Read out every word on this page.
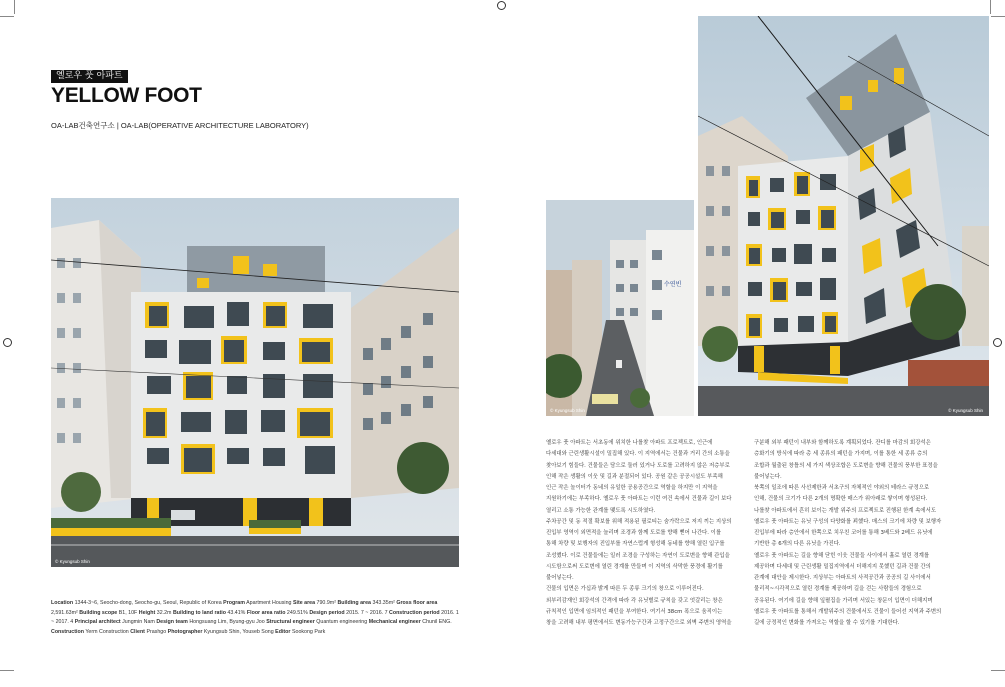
옐로우 풋 아파트
YELLOW FOOT
OA-LAB건축연구소 | OA-LAB(OPERATIVE ARCHITECTURE LABORATORY)
© Kyungsub Shin
수연빈
© Kyungsub Shin	© Kyungsub Shin
Location 1344-3~6, Seocho-dong, Seocho-gu, Seoul, Republic of Korea Program Apartment Housing Site area 790.9m² Building area 343.35m² Gross floor area 2,591.63m² Building scope B1, 10F Height 32.2m Building to land ratio 43.41% Floor area ratio 249.51% Design period 2015. 7 ~ 2016. 7 Construction period 2016. 1 ~ 2017. 4 Principal architect Jungmin Nam Design team Hongsuang Lim, Byung-gyu Joo Structural engineer Quantum engineering Mechanical engineer Chunil ENG. Construction Yerm Construction Client Prashgo Photographer Kyungsub Shin, Youseb Song Editor Sookong Park

옐로우 풋 아파트는 서초동에 위치한 나를찾 아파트 프로젝트로, 인근에

다세대와 근린생활시설이 밀집해 있다. 이 지역에서는 건물과 거리 간의 소통을

찾아보기 힘들다. 건물들은 담으로 둘러 있거나 도로를 고려하지 않은 저층부로

인해 작은 생활의 이웃 및 길과 분절되어 있다. 공원 같은 공공시설도 부족해

인근 작은 놀이터가 동네의 유일한 공용공간으로 역할을 하지만 이 지역을

지원하기에는 부족하다. 옐로우 풋 아파트는 이런 여건 속에서 건물과 길이 보다

열리고 소통 가능한 관계를 맺도록 시도하였다.

주차공간 및 동 적절 확보를 위해 적용된 필로티는 숨가락으로 저지 끼는 지상의

진입부 영역이 외면적을 늘리며 조경과 함께 도로를 향해 뻗어 나간다. 이를

통해 차량 및 보행자의 진입부를 자연스럽게 형성해 동네를 향해 열린 입구를

조성했다. 이로 건물들에는 일러 조경을 구성하는 자연이 도로변을 향해 관입을

시도함으로써 도로변에 열린 경계를 만들며 이 지역의 삭막한 풍경에 활기를

불어넣는다.

건물의 입면은 가십과 밝게 따른 두 종류 크기의 창으로 이루어진다.

외부리감재인 회강석의 간격에 따라 각 유닛별로 규칙을 갖고 엇갈리는 창은

규칙적인 입면에 임의적인 패턴을 부여한다. 여기서 38cm 폭으로 움직이는

창을 고려해 내부 평면에서도 변동가능구간과 고정구간으로 외벽 주변의 영역을

구분해 외부 패턴이 내부와 함께하도록 계획되었다. 잔디를 마감의 회강석은

층화기의 방식에 따라 총 세 종류의 패턴을 가지며, 이를 통한 세 종류 층의

조합과 월출된 창틀의 세 가지 색상조합은 도로변을 향해 건물의 풍부한 표정을

불어넣는다.

북쪽의 일조에 따른 사선제한과 서초구의 자체적인 야외의 테라스 규정으로

인해, 건물의 크기가 다른 2개의 명확한 매스가 위아래로 쌓이며 형성된다.

나를찾 아파트에서 흔히 보이는 개발 위주의 프로젝트로 진행된 한계 속에서도

옐로우 풋 아파트는 유닛 구성의 다양화를 꾀했다. 매스의 크기에 차량 및 보행자

진입부에 따라 층안에서 한쪽으로 치우친 코어를 통해 3베드와 2베드 유닛에

기반한 총 6개의 다른 유닛을 가진다.

옐로우 풋 아파트는 길을 향해 닫힌 이웃 건물들 사이에서 흘로 열린 경계를

제공하며 다세대 및 근린생활 밀집지역에서 더해지지 못했던 길과 건물 간의

관계에 대안을 제시한다. 지상부는 아파트의 사적공간과 공공의 길 사이에서

물리적~시각적으로 열린 경계를 제공하며 길을 걷는 사람들의 경험으로

공유된다. 여기에 길을 향해 잎펼집을 가리며 서있는 창문이 입면이 더해지며

옐로우 풋 아파트를 통해서 개발위주의 건물에서도 건물이 들어선 지역과 주변의

길에 긍정적인 변화를 가져오는 역할을 할 수 있기를 기대한다.
